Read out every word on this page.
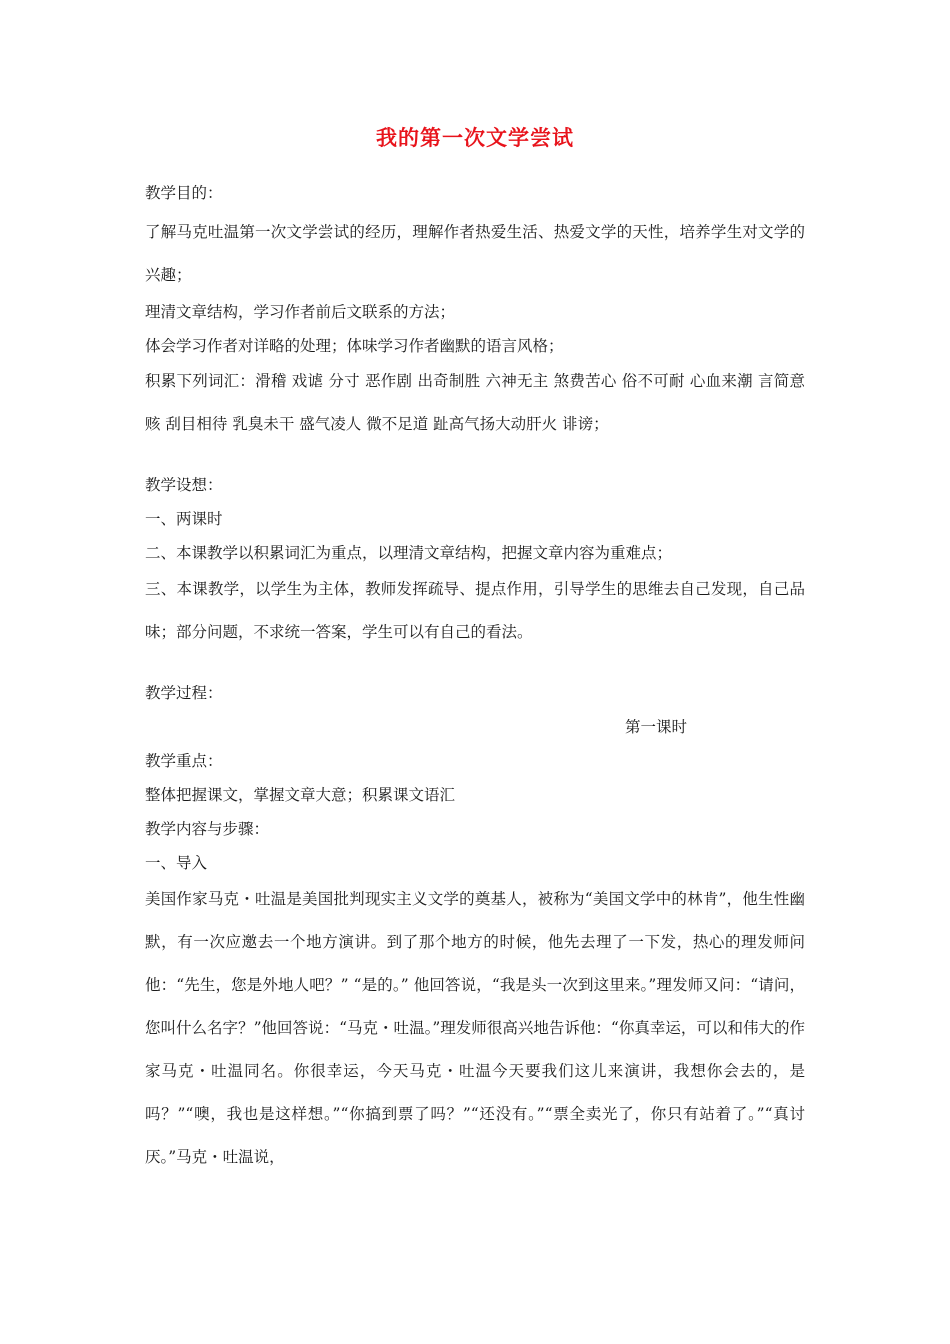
我的第一次文学尝试
教学目的：
了解马克吐温第一次文学尝试的经历，理解作者热爱生活、热爱文学的天性，培养学生对文学的兴趣；
理清文章结构，学习作者前后文联系的方法；
体会学习作者对详略的处理；体味学习作者幽默的语言风格；
积累下列词汇：滑稽 戏谑 分寸 恶作剧 出奇制胜 六神无主 煞费苦心 俗不可耐 心血来潮 言简意赅 刮目相待 乳臭未干 盛气凌人 微不足道 趾高气扬大动肝火 诽谤；
教学设想：
一、两课时
二、本课教学以积累词汇为重点，以理清文章结构，把握文章内容为重难点；
三、本课教学，以学生为主体，教师发挥疏导、提点作用，引导学生的思维去自己发现，自己品味；部分问题，不求统一答案，学生可以有自己的看法。
教学过程：
第一课时
教学重点：
整体把握课文，掌握文章大意；积累课文语汇
教学内容与步骤：
一、导入
美国作家马克・吐温是美国批判现实主义文学的奠基人，被称为“美国文学中的林肯”，他生性幽默，有一次应邀去一个地方演讲。到了那个地方的时候，他先去理了一下发，热心的理发师问他：“先生，您是外地人吧？” “是的。” 他回答说，“我是头一次到这里来。”理发师又问：“请问，您叫什么名字？”他回答说：“马克・吐温。”理发师很高兴地告诉他：“你真幸运，可以和伟大的作家马克・吐温同名。你很幸运，今天马克・吐温今天要我们这儿来演讲，我想你会去的，是吗？”“噢，我也是这样想。”“你搞到票了吗？”“还没有。”“票全卖光了，你只有站着了。”“真讨厌。”马克・吐温说，
